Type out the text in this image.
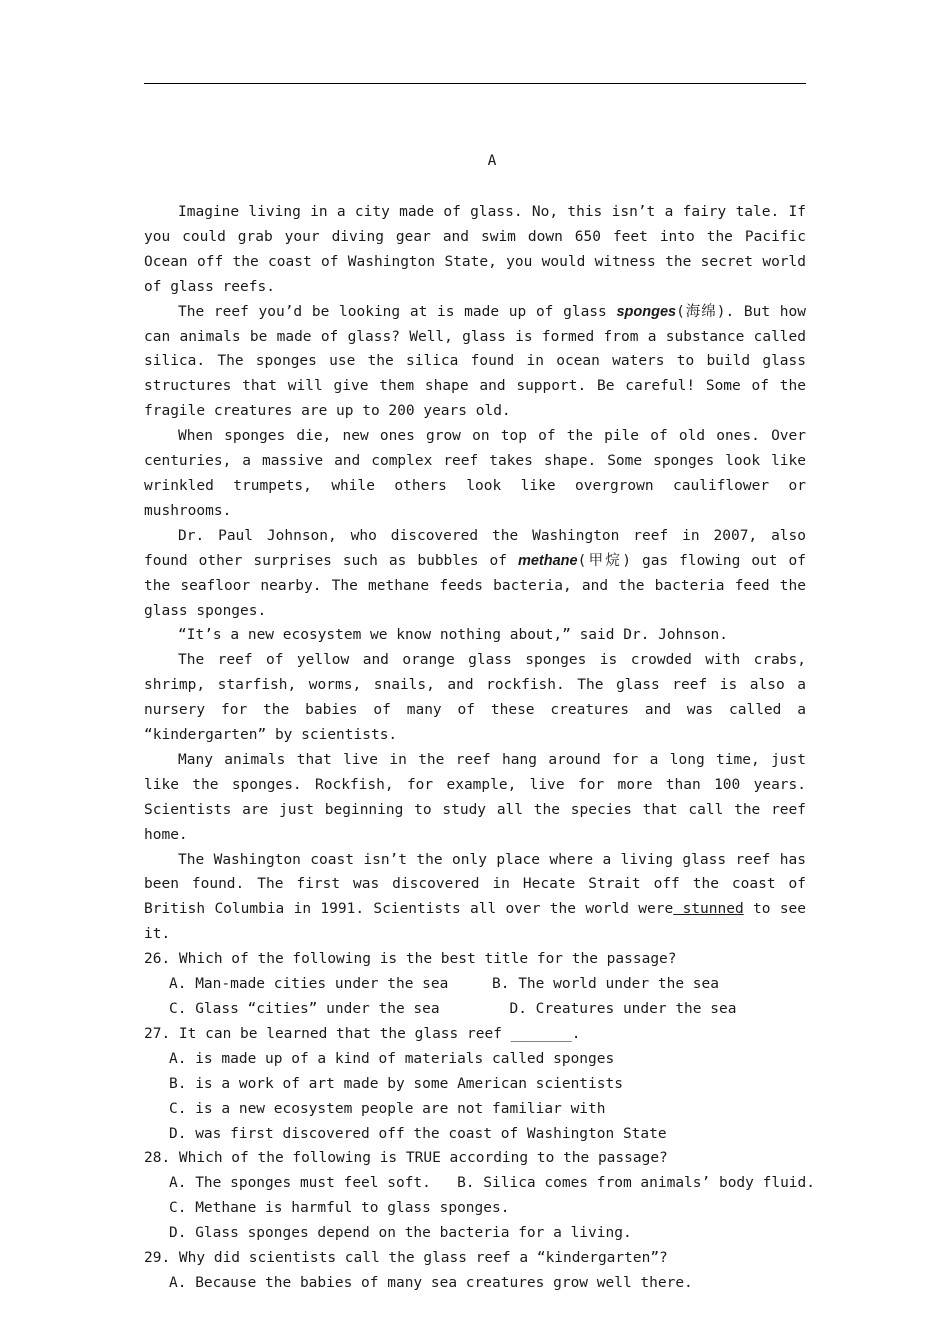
A

Imagine living in a city made of glass. No, this isn’t a fairy tale. If you could grab your diving gear and swim down 650 feet into the Pacific Ocean off the coast of Washington State, you would witness the secret world of glass reefs.

The reef you’d be looking at is made up of glass sponges(海绵). But how can animals be made of glass? Well, glass is formed from a substance called silica. The sponges use the silica found in ocean waters to build glass structures that will give them shape and support. Be careful! Some of the fragile creatures are up to 200 years old.

When sponges die, new ones grow on top of the pile of old ones. Over centuries, a massive and complex reef takes shape. Some sponges look like wrinkled trumpets, while others look like overgrown cauliflower or mushrooms.

Dr. Paul Johnson, who discovered the Washington reef in 2007, also found other surprises such as bubbles of methane(甲烷) gas flowing out of the seafloor nearby. The methane feeds bacteria, and the bacteria feed the glass sponges.

“It’s a new ecosystem we know nothing about,” said Dr. Johnson.

The reef of yellow and orange glass sponges is crowded with crabs, shrimp, starfish, worms, snails, and rockfish. The glass reef is also a nursery for the babies of many of these creatures and was called a “kindergarten” by scientists.

Many animals that live in the reef hang around for a long time, just like the sponges. Rockfish, for example, live for more than 100 years. Scientists are just beginning to study all the species that call the reef home.

The Washington coast isn’t the only place where a living glass reef has been found. The first was discovered in Hecate Strait off the coast of British Columbia in 1991. Scientists all over the world were stunned to see it.

26. Which of the following is the best title for the passage?

A. Man-made cities under the sea     B. The world under the sea

C. Glass “cities” under the sea        D. Creatures under the sea

27. It can be learned that the glass reef _______.

A. is made up of a kind of materials called sponges

B. is a work of art made by some American scientists

C. is a new ecosystem people are not familiar with

D. was first discovered off the coast of Washington State

28. Which of the following is TRUE according to the passage?

A. The sponges must feel soft.   B. Silica comes from animals’ body fluid.

C. Methane is harmful to glass sponges.

D. Glass sponges depend on the bacteria for a living.

29. Why did scientists call the glass reef a “kindergarten”?

A. Because the babies of many sea creatures grow well there.
